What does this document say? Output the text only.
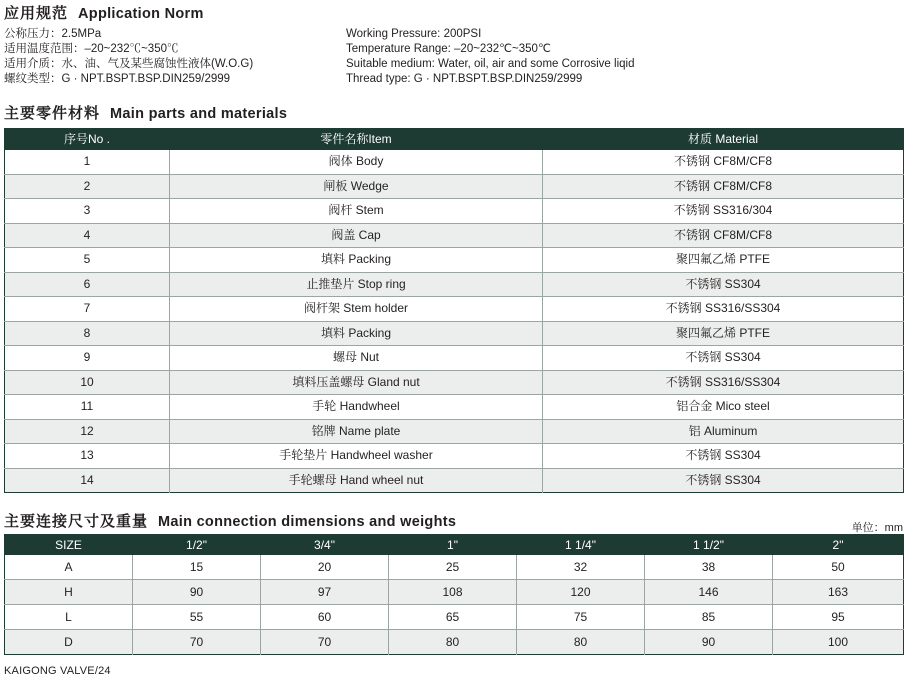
应用规范 Application Norm
公称压力：2.5MPa
适用温度范围：–20~232℃~350℃
适用介质：水、油、气及某些腐蚀性液体(W.O.G)
螺纹类型：G · NPT.BSPT.BSP.DIN259/2999
Working Pressure: 200PSI
Temperature Range: –20~232℃~350℃
Suitable medium: Water, oil, air and some Corrosive liqid
Thread type: G · NPT.BSPT.BSP.DIN259/2999
主要零件材料 Main parts and materials
序号No .	零件名称Item	材质 Material
1	阀体 Body	不锈钢 CF8M/CF8
2	闸板 Wedge	不锈钢 CF8M/CF8
3	阀杆 Stem	不锈钢 SS316/304
4	阀盖 Cap	不锈钢 CF8M/CF8
5	填料 Packing	聚四氟乙烯 PTFE
6	止推垫片 Stop ring	不锈钢 SS304
7	阀杆架 Stem holder	不锈钢 SS316/SS304
8	填料 Packing	聚四氟乙烯 PTFE
9	螺母 Nut	不锈钢 SS304
10	填料压盖螺母 Gland nut	不锈钢 SS316/SS304
11	手轮 Handwheel	铝合金 Mico steel
12	铭牌 Name plate	铝 Aluminum
13	手轮垫片 Handwheel washer	不锈钢 SS304
14	手轮螺母 Hand wheel nut	不锈钢 SS304
主要连接尺寸及重量 Main connection dimensions and weights	单位：mm
SIZE	1/2"	3/4"	1"	1 1/4"	1 1/2"	2"
A	15	20	25	32	38	50
H	90	97	108	120	146	163
L	55	60	65	75	85	95
D	70	70	80	80	90	100
KAIGONG VALVE/24
